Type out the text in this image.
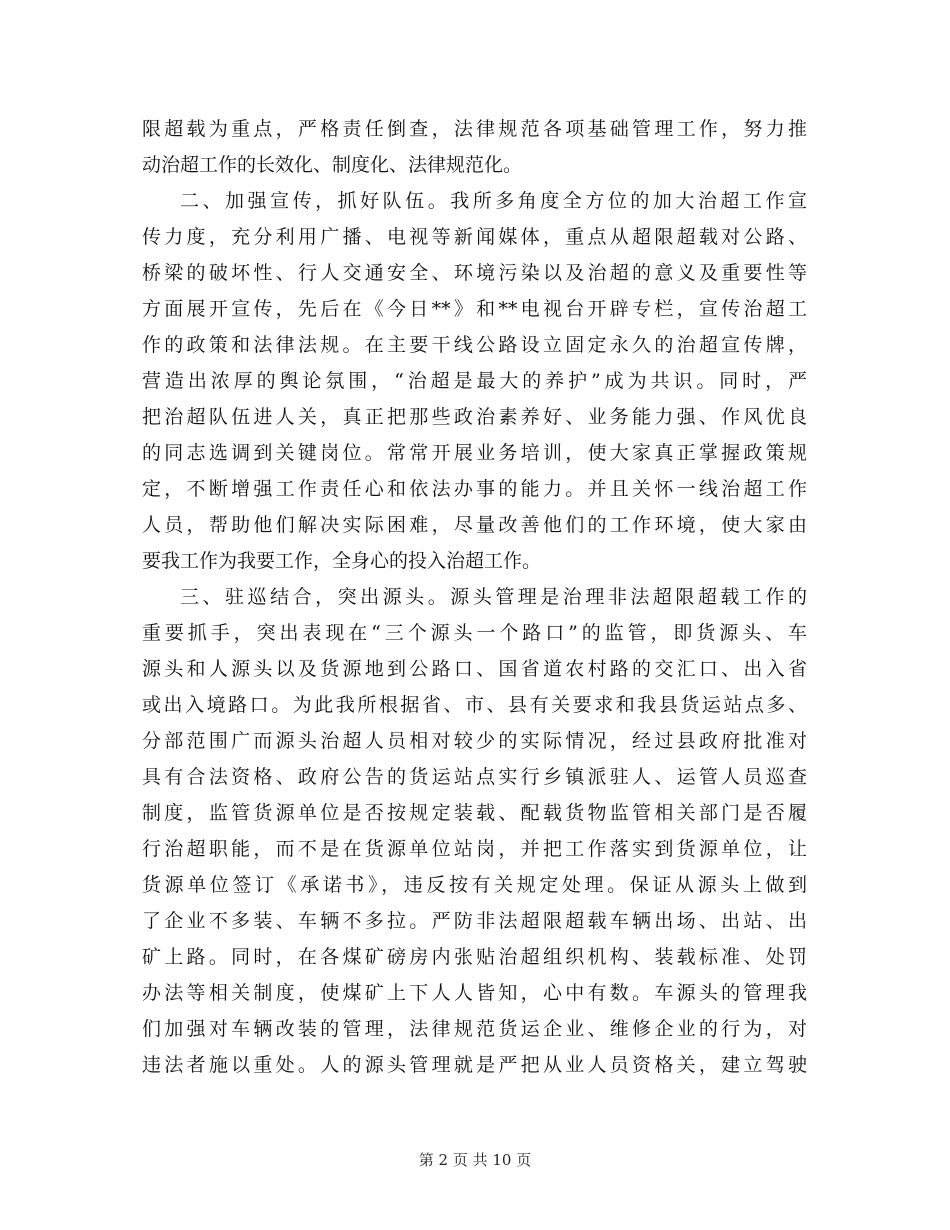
限超载为重点，严格责任倒查，法律规范各项基础管理工作，努力推
动治超工作的长效化、制度化、法律规范化。
二、加强宣传，抓好队伍。我所多角度全方位的加大治超工作宣
传力度，充分利用广播、电视等新闻媒体，重点从超限超载对公路、
桥梁的破坏性、行人交通安全、环境污染以及治超的意义及重要性等
方面展开宣传，先后在《今日**》和**电视台开辟专栏，宣传治超工
作的政策和法律法规。在主要干线公路设立固定永久的治超宣传牌，
营造出浓厚的舆论氛围，“治超是最大的养护”成为共识。同时，严
把治超队伍进人关，真正把那些政治素养好、业务能力强、作风优良
的同志选调到关键岗位。常常开展业务培训，使大家真正掌握政策规
定，不断增强工作责任心和依法办事的能力。并且关怀一线治超工作
人员，帮助他们解决实际困难，尽量改善他们的工作环境，使大家由
要我工作为我要工作，全身心的投入治超工作。
三、驻巡结合，突出源头。源头管理是治理非法超限超载工作的
重要抓手，突出表现在“三个源头一个路口”的监管，即货源头、车
源头和人源头以及货源地到公路口、国省道农村路的交汇口、出入省
或出入境路口。为此我所根据省、市、县有关要求和我县货运站点多、
分部范围广而源头治超人员相对较少的实际情况，经过县政府批准对
具有合法资格、政府公告的货运站点实行乡镇派驻人、运管人员巡查
制度，监管货源单位是否按规定装载、配载货物监管相关部门是否履
行治超职能，而不是在货源单位站岗，并把工作落实到货源单位，让
货源单位签订《承诺书》，违反按有关规定处理。保证从源头上做到
了企业不多装、车辆不多拉。严防非法超限超载车辆出场、出站、出
矿上路。同时，在各煤矿磅房内张贴治超组织机构、装载标准、处罚
办法等相关制度，使煤矿上下人人皆知，心中有数。车源头的管理我
们加强对车辆改装的管理，法律规范货运企业、维修企业的行为，对
违法者施以重处。人的源头管理就是严把从业人员资格关，建立驾驶
第 2 页 共 10 页
